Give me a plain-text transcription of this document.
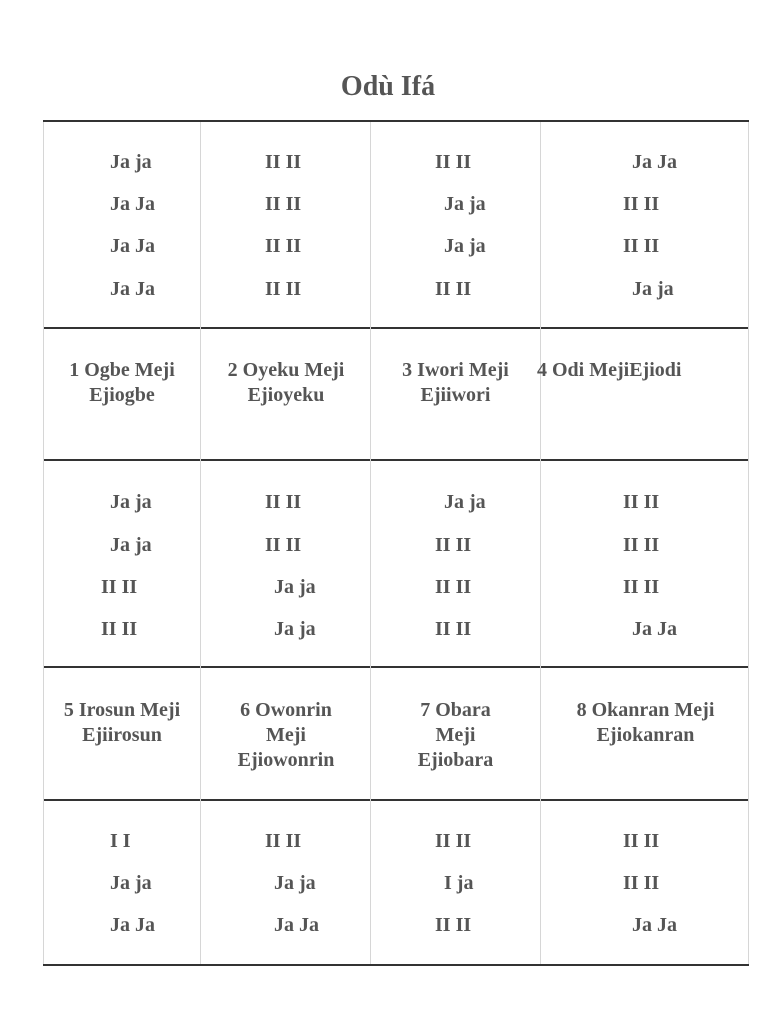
Odù Ifá
Ja ja
Ja Ja
Ja Ja
Ja Ja
II II
II II
II II
II II
II II
Ja ja
Ja ja
II II
Ja Ja
II II
II II
Ja ja
1 Ogbe Meji Ejiogbe
2 Oyeku Meji Ejioyeku
3 Iwori Meji Ejiiwori
4 Odi MejiEjiodi
Ja ja
Ja ja
II II
II II
II II
II II
Ja ja
Ja ja
Ja ja
II II
II II
II II
II II
II II
II II
Ja Ja
5 Irosun Meji Ejiirosun
6 Owonrin Meji Ejiowonrin
7 Obara Meji Ejiobara
8 Okanran Meji Ejiokanran
I I
Ja ja
Ja Ja
II II
Ja ja
Ja Ja
II II
I ja
II II
II II
II II
Ja Ja
